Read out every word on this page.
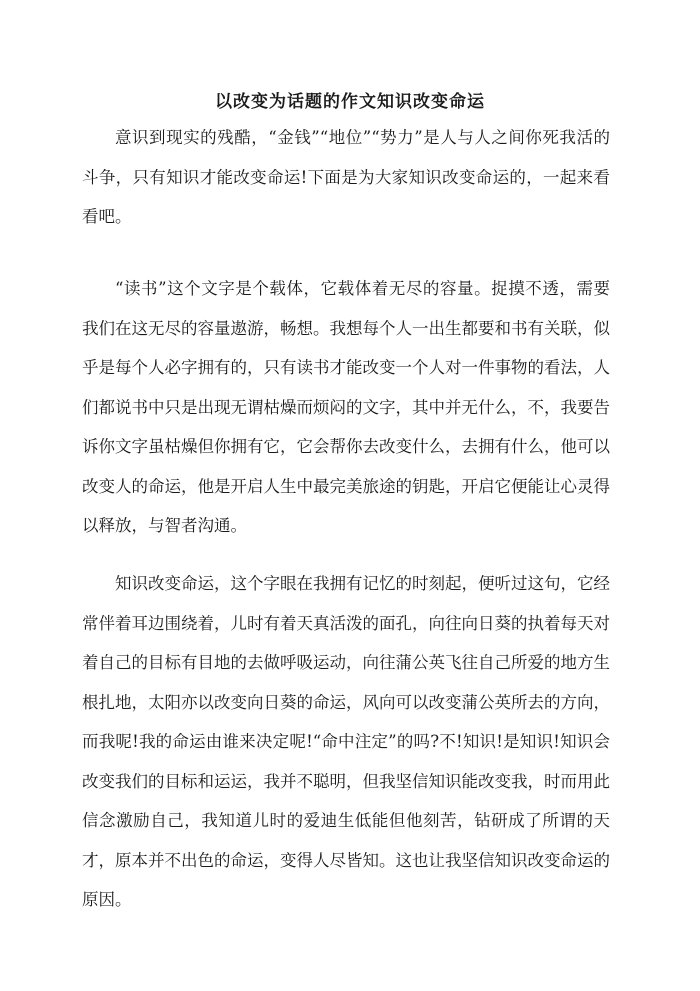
以改变为话题的作文知识改变命运

意识到现实的残酷，“金钱”“地位”“势力”是人与人之间你死我活的斗争，只有知识才能改变命运!下面是为大家知识改变命运的，一起来看看吧。

“读书”这个文字是个载体，它载体着无尽的容量。捉摸不透，需要我们在这无尽的容量遨游，畅想。我想每个人一出生都要和书有关联，似乎是每个人必字拥有的，只有读书才能改变一个人对一件事物的看法，人们都说书中只是出现无谓枯燥而烦闷的文字，其中并无什么，不，我要告诉你文字虽枯燥但你拥有它，它会帮你去改变什么，去拥有什么，他可以改变人的命运，他是开启人生中最完美旅途的钥匙，开启它便能让心灵得以释放，与智者沟通。

知识改变命运，这个字眼在我拥有记忆的时刻起，便听过这句，它经常伴着耳边围绕着，儿时有着天真活泼的面孔，向往向日葵的执着每天对着自己的目标有目地的去做呼吸运动，向往蒲公英飞往自己所爱的地方生根扎地，太阳亦以改变向日葵的命运，风向可以改变蒲公英所去的方向，而我呢!我的命运由谁来决定呢!“命中注定”的吗?不!知识!是知识!知识会改变我们的目标和运运，我并不聪明，但我坚信知识能改变我，时而用此信念激励自己，我知道儿时的爱迪生低能但他刻苦，钻研成了所谓的天才，原本并不出色的命运，变得人尽皆知。这也让我坚信知识改变命运的原因。
